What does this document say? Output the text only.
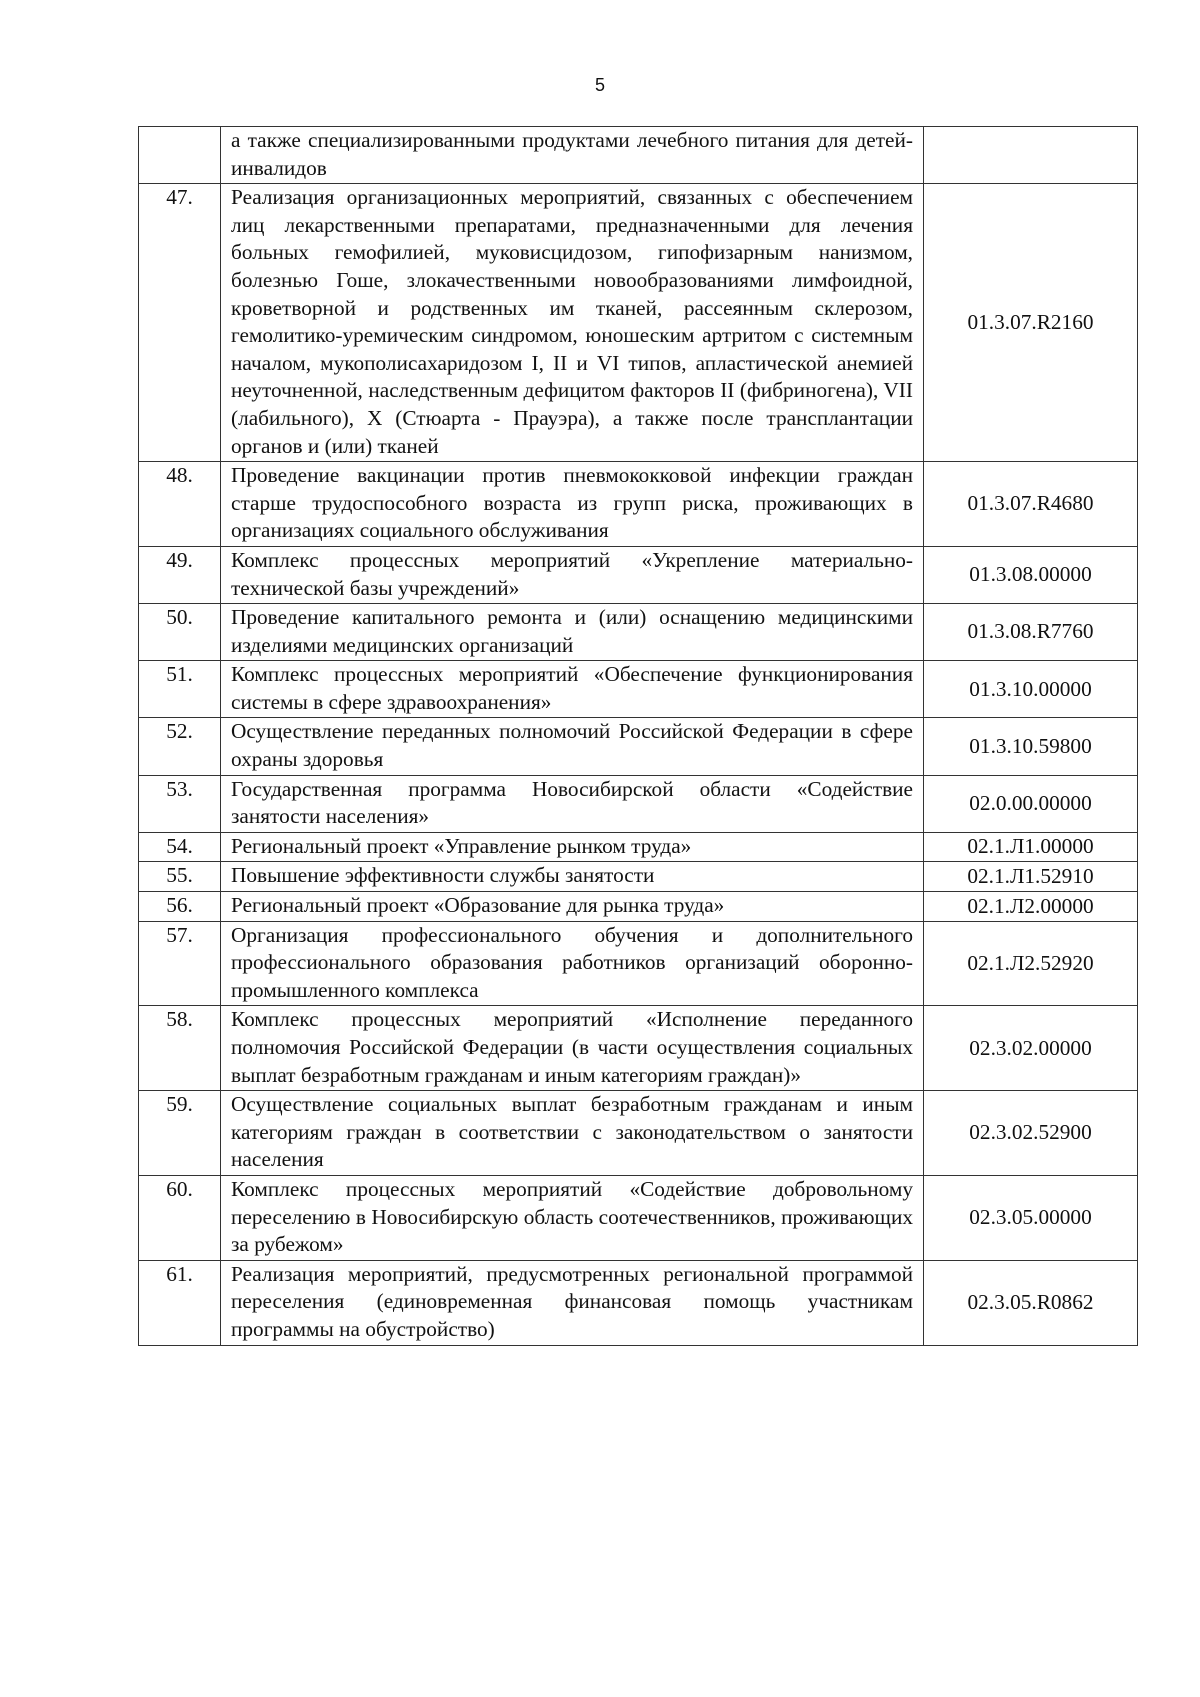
5
	а также специализированными продуктами лечебного питания для детей-инвалидов	
47.	Реализация организационных мероприятий, связанных с обеспечением лиц лекарственными препаратами, предназначенными для лечения больных гемофилией, муковисцидозом, гипофизарным нанизмом, болезнью Гоше, злокачественными новообразованиями лимфоидной, кроветворной и родственных им тканей, рассеянным склерозом, гемолитико-уремическим синдромом, юношеским артритом с системным началом, мукополисахаридозом I, II и VI типов, апластической анемией неуточненной, наследственным дефицитом факторов II (фибриногена), VII (лабильного), X (Стюарта - Прауэра), а также после трансплантации органов и (или) тканей	01.3.07.R2160
48.	Проведение вакцинации против пневмококковой инфекции граждан старше трудоспособного возраста из групп риска, проживающих в организациях социального обслуживания	01.3.07.R4680
49.	Комплекс процессных мероприятий «Укрепление материально-технической базы учреждений»	01.3.08.00000
50.	Проведение капитального ремонта и (или) оснащению медицинскими изделиями медицинских организаций	01.3.08.R7760
51.	Комплекс процессных мероприятий «Обеспечение функционирования системы в сфере здравоохранения»	01.3.10.00000
52.	Осуществление переданных полномочий Российской Федерации в сфере охраны здоровья	01.3.10.59800
53.	Государственная программа Новосибирской области «Содействие занятости населения»	02.0.00.00000
54.	Региональный проект «Управление рынком труда»	02.1.Л1.00000
55.	Повышение эффективности службы занятости	02.1.Л1.52910
56.	Региональный проект «Образование для рынка труда»	02.1.Л2.00000
57.	Организация профессионального обучения и дополнительного профессионального образования работников организаций оборонно-промышленного комплекса	02.1.Л2.52920
58.	Комплекс процессных мероприятий «Исполнение переданного полномочия Российской Федерации (в части осуществления социальных выплат безработным гражданам и иным категориям граждан)»	02.3.02.00000
59.	Осуществление социальных выплат безработным гражданам и иным категориям граждан в соответствии с законодательством о занятости населения	02.3.02.52900
60.	Комплекс процессных мероприятий «Содействие добровольному переселению в Новосибирскую область соотечественников, проживающих за рубежом»	02.3.05.00000
61.	Реализация мероприятий, предусмотренных региональной программой переселения (единовременная финансовая помощь участникам программы на обустройство)	02.3.05.R0862
